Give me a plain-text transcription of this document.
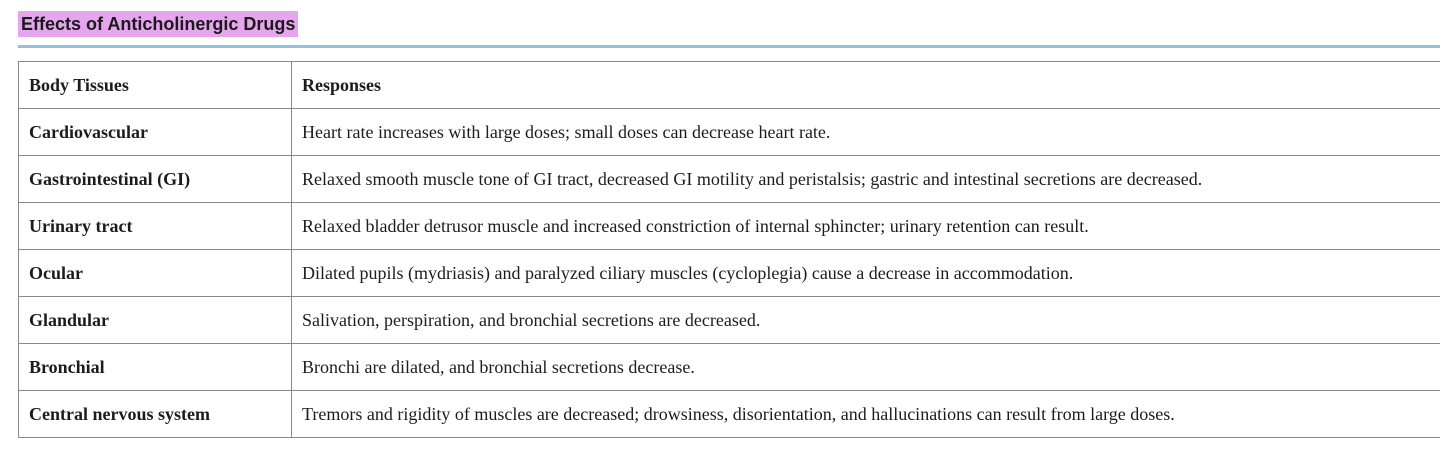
Effects of Anticholinergic Drugs
Body Tissues	Responses
Cardiovascular	Heart rate increases with large doses; small doses can decrease heart rate.
Gastrointestinal (GI)	Relaxed smooth muscle tone of GI tract, decreased GI motility and peristalsis; gastric and intestinal secretions are decreased.
Urinary tract	Relaxed bladder detrusor muscle and increased constriction of internal sphincter; urinary retention can result.
Ocular	Dilated pupils (mydriasis) and paralyzed ciliary muscles (cycloplegia) cause a decrease in accommodation.
Glandular	Salivation, perspiration, and bronchial secretions are decreased.
Bronchial	Bronchi are dilated, and bronchial secretions decrease.
Central nervous system	Tremors and rigidity of muscles are decreased; drowsiness, disorientation, and hallucinations can result from large doses.
